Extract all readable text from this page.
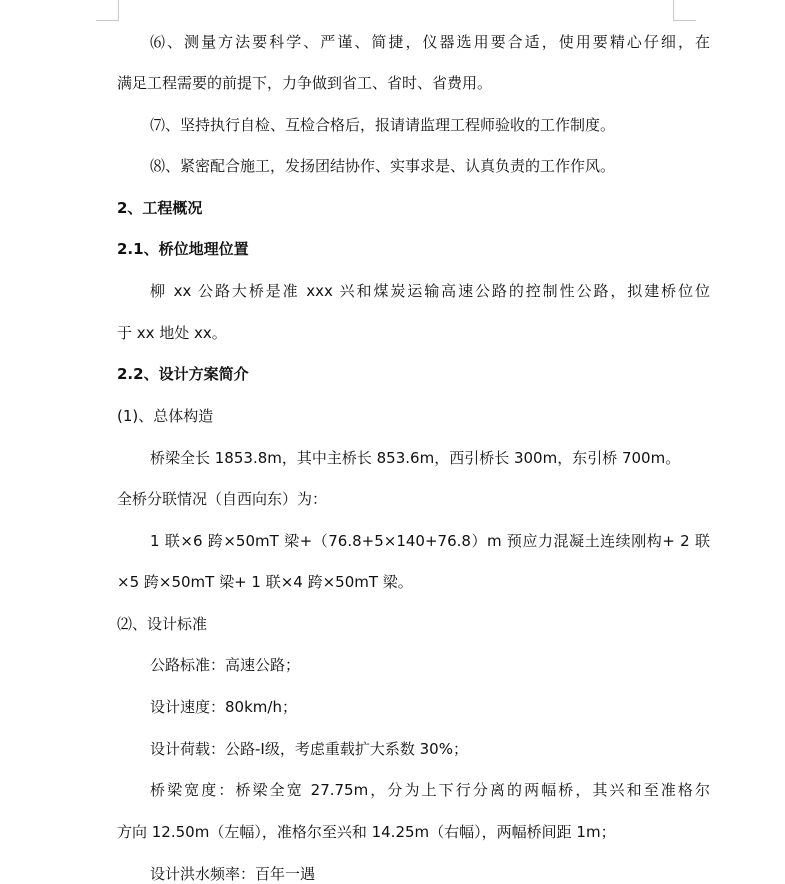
⑹、测量方法要科学、严谨、简捷，仪器选用要合适，使用要精心仔细，在
满足工程需要的前提下，力争做到省工、省时、省费用。
⑺、坚持执行自检、互检合格后，报请请监理工程师验收的工作制度。
⑻、紧密配合施工，发扬团结协作、实事求是、认真负责的工作作风。
2、工程概况
2.1、桥位地理位置
柳 xx 公路大桥是准 xxx 兴和煤炭运输高速公路的控制性公路，拟建桥位位
于 xx 地处 xx。
2.2、设计方案简介
(1)、总体构造
桥梁全长 1853.8m，其中主桥长 853.6m，西引桥长 300m，东引桥 700m。
全桥分联情况（自西向东）为：
1 联×6 跨×50mT 梁+（76.8+5×140+76.8）m 预应力混凝土连续刚构+ 2 联
×5 跨×50mT 梁+ 1 联×4 跨×50mT 梁。
⑵、设计标准
公路标准：高速公路；
设计速度：80km/h；
设计荷载：公路-Ⅰ级，考虑重载扩大系数 30%；
桥梁宽度：桥梁全宽 27.75m，分为上下行分离的两幅桥，其兴和至准格尔
方向 12.50m（左幅），准格尔至兴和 14.25m（右幅），两幅桥间距 1m；
设计洪水频率：百年一遇
